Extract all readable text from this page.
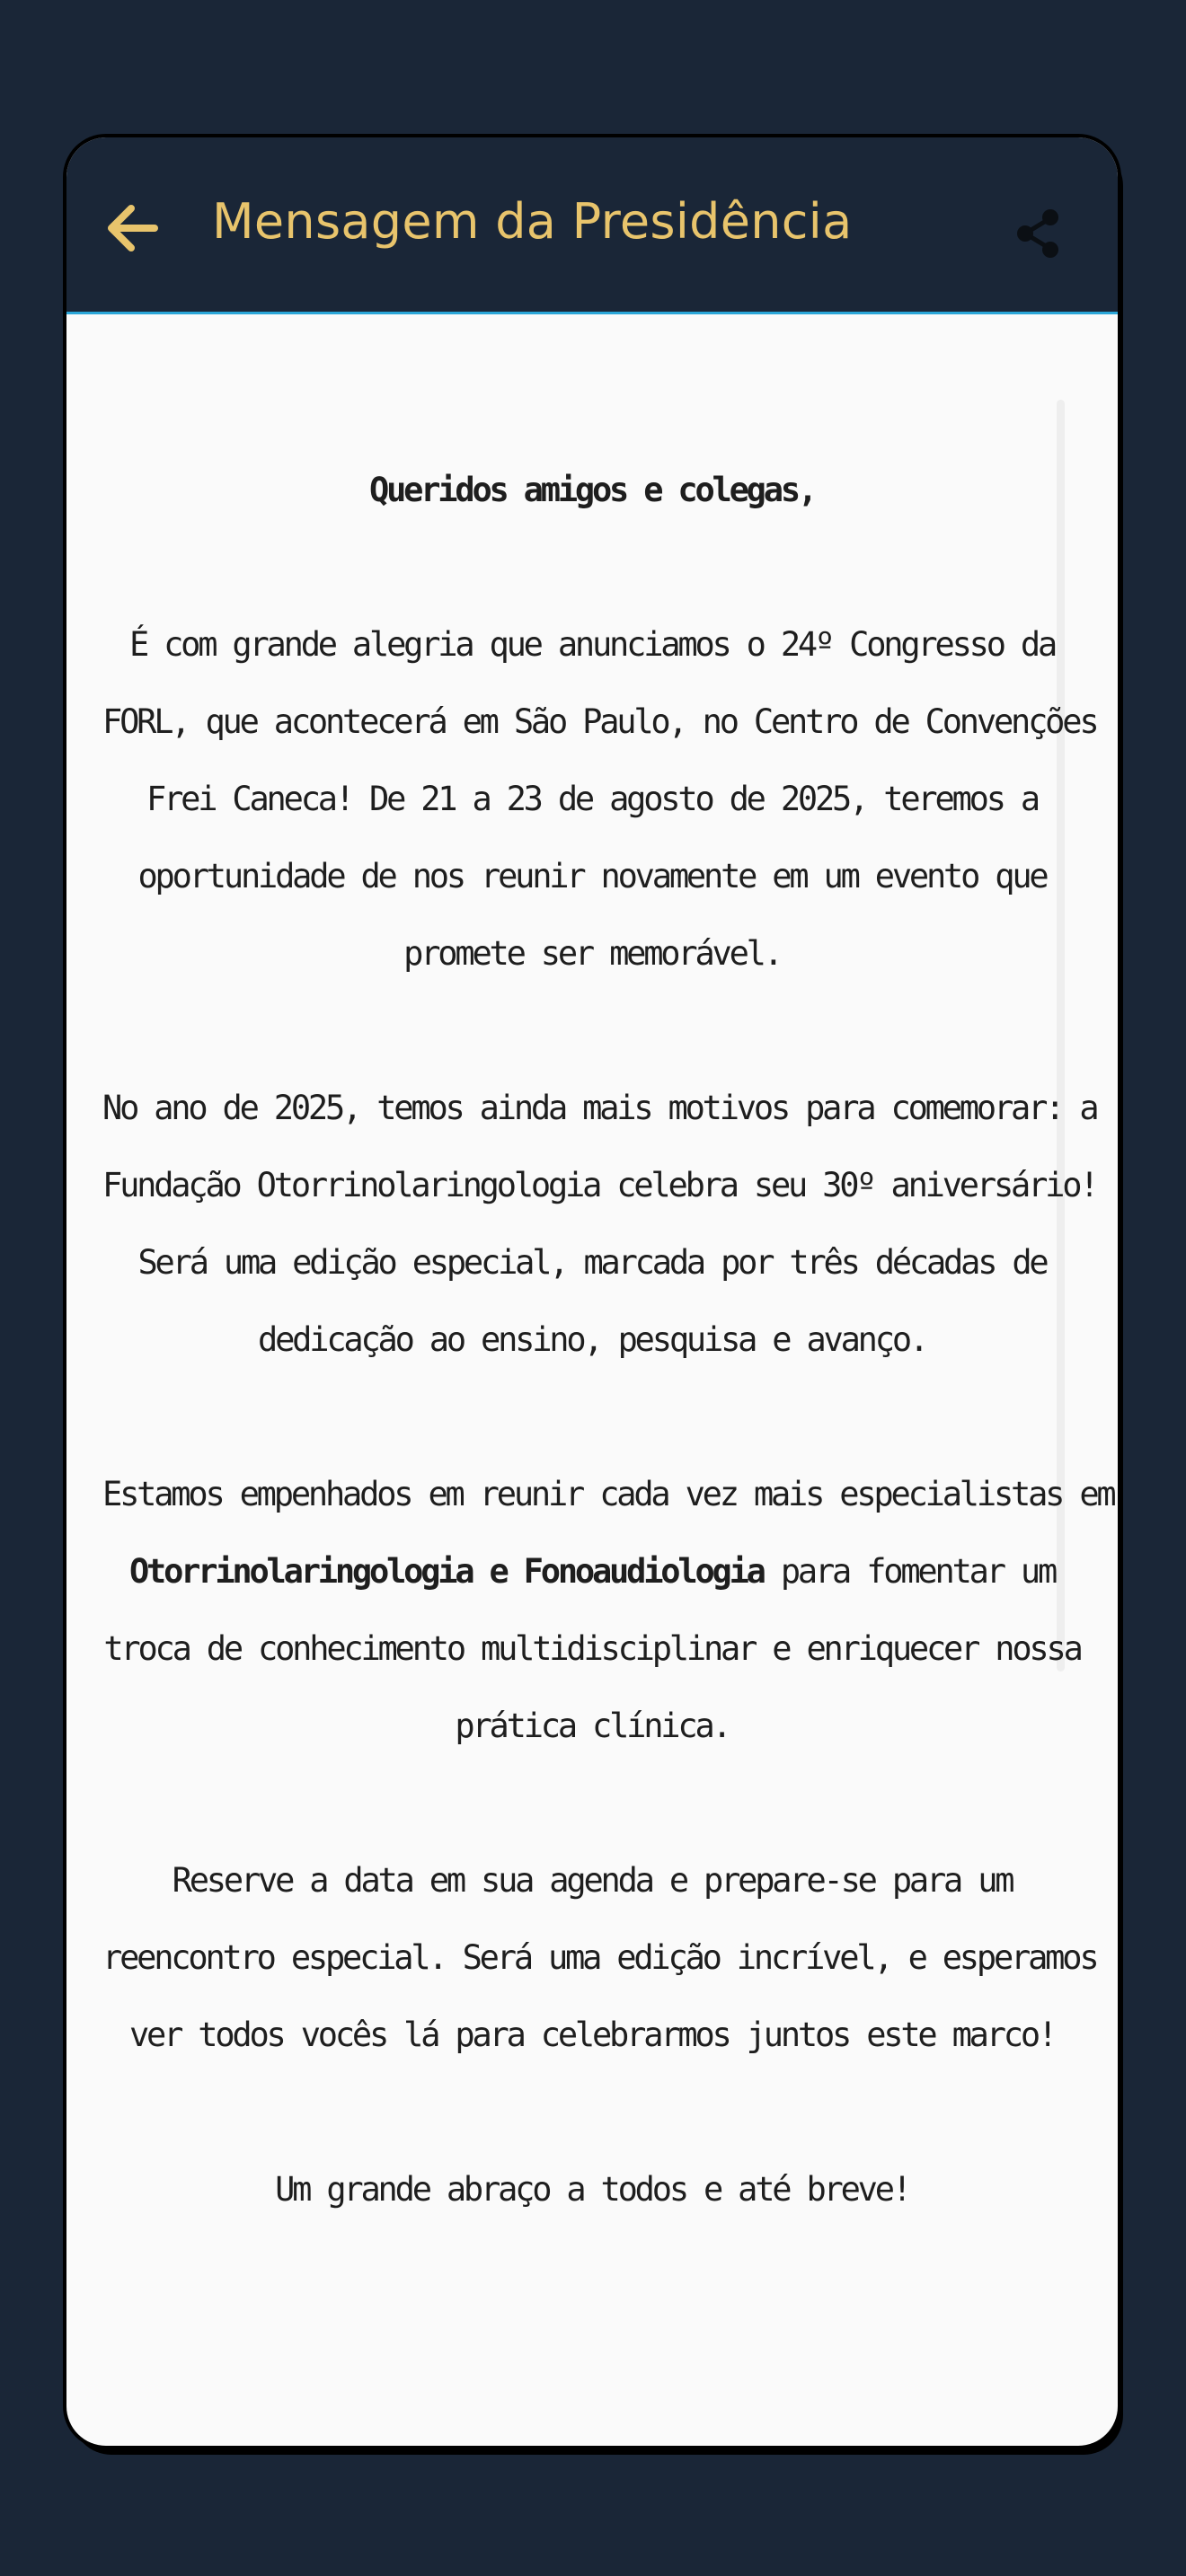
Mensagem da Presidência
Queridos amigos e colegas,
É com grande alegria que anunciamos o 24º Congresso da
FORL, que acontecerá em São Paulo, no Centro de Convenções
Frei Caneca! De 21 a 23 de agosto de 2025, teremos a
oportunidade de nos reunir novamente em um evento que
promete ser memorável.
No ano de 2025, temos ainda mais motivos para comemorar: a
Fundação Otorrinolaringologia celebra seu 30º aniversário!
Será uma edição especial, marcada por três décadas de
dedicação ao ensino, pesquisa e avanço.
Estamos empenhados em reunir cada vez mais especialistas em
Otorrinolaringologia e Fonoaudiologia para fomentar um
troca de conhecimento multidisciplinar e enriquecer nossa
prática clínica.
Reserve a data em sua agenda e prepare-se para um
reencontro especial. Será uma edição incrível, e esperamos
ver todos vocês lá para celebrarmos juntos este marco!
Um grande abraço a todos e até breve!
